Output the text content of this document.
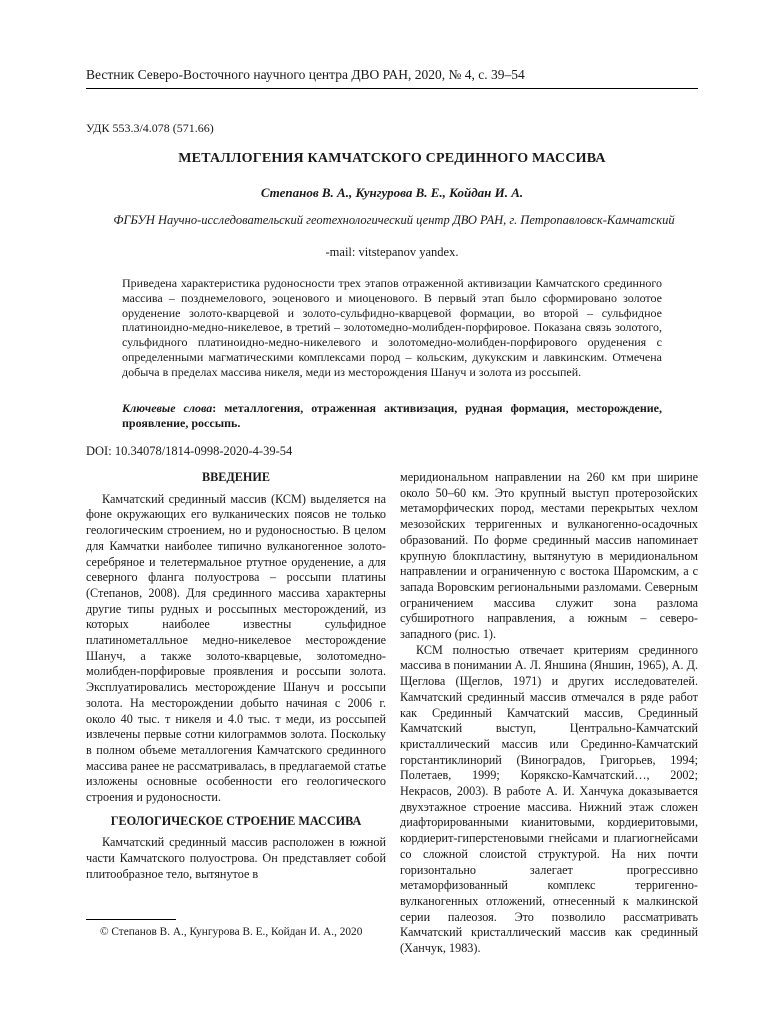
Вестник Северо-Восточного научного центра ДВО РАН, 2020, № 4, с. 39–54
УДК 553.3/4.078 (571.66)
МЕТАЛЛОГЕНИЯ КАМЧАТСКОГО СРЕДИННОГО МАССИВА
Степанов В. А., Кунгурова В. Е., Койдан И. А.
ФГБУН Научно-исследовательский геотехнологический центр ДВО РАН, г. Петропавловск-Камчатский
-mail: vitstepanov yandex.
Приведена характеристика рудоносности трех этапов отраженной активизации Камчатского срединного массива – позднемелового, эоценового и миоценового. В первый этап было сформировано золотое оруденение золото-кварцевой и золото-сульфидно-кварцевой формации, во второй – сульфидное платиноидно-медно-никелевое, в третий – золотомедно-молибден-порфировое. Показана связь золотого, сульфидного платиноидно-медно-никелевого и золотомедно-молибден-порфирового оруденения с определенными магматическими комплексами пород – кольским, дукукским и лавкинским. Отмечена добыча в пределах массива никеля, меди из месторождения Шануч и золота из россыпей.
Ключевые слова: металлогения, отраженная активизация, рудная формация, месторождение, проявление, россыпь.
DOI: 10.34078/1814-0998-2020-4-39-54
ВВЕДЕНИЕ

Камчатский срединный массив (КСМ) выделяется на фоне окружающих его вулканических поясов не только геологическим строением, но и рудоносностью. В целом для Камчатки наиболее типично вулканогенное золото-серебряное и телетермальное ртутное оруденение, а для северного фланга полуострова – россыпи платины (Степанов, 2008). Для срединного массива характерны другие типы рудных и россыпных месторождений, из которых наиболее известны сульфидное платинометалльное медно-никелевое месторождение Шануч, а также золото-кварцевые, золотомедно-молибден-порфировые проявления и россыпи золота. Эксплуатировались месторождение Шануч и россыпи золота. На месторождении добыто начиная с 2006 г. около 40 тыс. т никеля и 4.0 тыс. т меди, из россыпей извлечены первые сотни килограммов золота. Поскольку в полном объеме металлогения Камчатского срединного массива ранее не рассматривалась, в предлагаемой статье изложены основные особенности его геологического строения и рудоносности.

ГЕОЛОГИЧЕСКОЕ СТРОЕНИЕ МАССИВА

Камчатский срединный массив расположен в южной части Камчатского полуострова. Он представляет собой плитообразное тело, вытянутое в

меридиональном направлении на 260 км при ширине около 50–60 км. Это крупный выступ протерозойских метаморфических пород, местами перекрытых чехлом мезозойских терригенных и вулканогенно-осадочных образований. По форме срединный массив напоминает крупную блокпластину, вытянутую в меридиональном направлении и ограниченную с востока Шаромским, а с запада Воровским региональными разломами. Северным ограничением массива служит зона разлома субширотного направления, а южным – северо-западного (рис. 1).

КСМ полностью отвечает критериям срединного массива в понимании А. Л. Яншина (Яншин, 1965), А. Д. Щеглова (Щеглов, 1971) и других исследователей. Камчатский срединный массив отмечался в ряде работ как Срединный Камчатский массив, Срединный Камчатский выступ, Центрально-Камчатский кристаллический массив или Срединно-Камчатский горстантиклинорий (Виноградов, Григорьев, 1994; Полетаев, 1999; Корякско-Камчатский…, 2002; Некрасов, 2003). В работе А. И. Ханчука доказывается двухэтажное строение массива. Нижний этаж сложен диафторированными кианитовыми, кордиеритовыми, кордиерит-гиперстеновыми гнейсами и плагиогнейсами со сложной слоистой структурой. На них почти горизонтально залегает прогрессивно метаморфизованный комплекс терригенно-вулканогенных отложений, отнесенный к малкинской серии палеозоя. Это позволило рассматривать Камчатский кристаллический массив как срединный (Ханчук, 1983).

© Степанов В. А., Кунгурова В. Е., Койдан И. А., 2020
